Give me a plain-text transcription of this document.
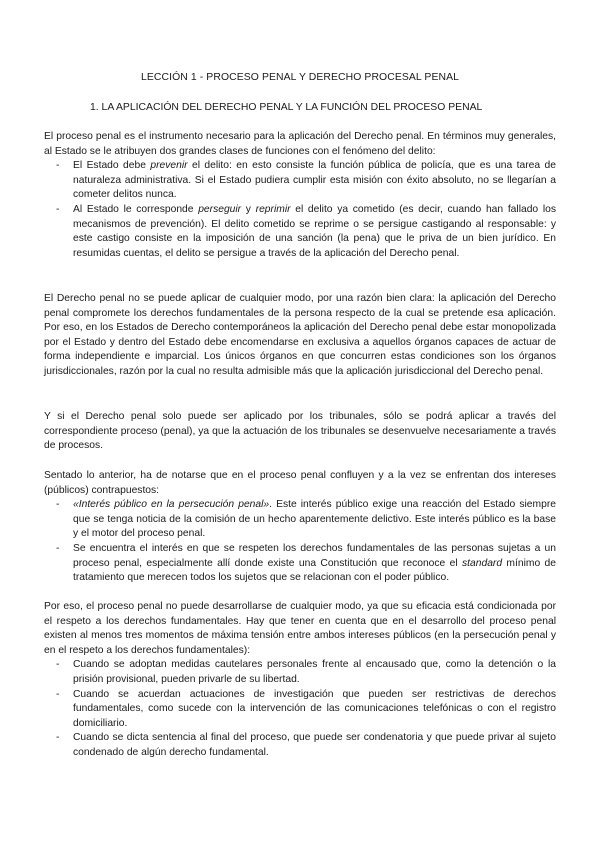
LECCIÓN 1 - PROCESO PENAL Y DERECHO PROCESAL PENAL
1. LA APLICACIÓN DEL DERECHO PENAL Y LA FUNCIÓN DEL PROCESO PENAL

El proceso penal es el instrumento necesario para la aplicación del Derecho penal. En términos muy generales, al Estado se le atribuyen dos grandes clases de funciones con el fenómeno del delito:

- El Estado debe prevenir el delito: en esto consiste la función pública de policía, que es una tarea de naturaleza administrativa. Si el Estado pudiera cumplir esta misión con éxito absoluto, no se llegarían a cometer delitos nunca.
- Al Estado le corresponde perseguir y reprimir el delito ya cometido (es decir, cuando han fallado los mecanismos de prevención). El delito cometido se reprime o se persigue castigando al responsable: y este castigo consiste en la imposición de una sanción (la pena) que le priva de un bien jurídico. En resumidas cuentas, el delito se persigue a través de la aplicación del Derecho penal.

El Derecho penal no se puede aplicar de cualquier modo, por una razón bien clara: la aplicación del Derecho penal compromete los derechos fundamentales de la persona respecto de la cual se pretende esa aplicación. Por eso, en los Estados de Derecho contemporáneos la aplicación del Derecho penal debe estar monopolizada por el Estado y dentro del Estado debe encomendarse en exclusiva a aquellos órganos capaces de actuar de forma independiente e imparcial. Los únicos órganos en que concurren estas condiciones son los órganos jurisdiccionales, razón por la cual no resulta admisible más que la aplicación jurisdiccional del Derecho penal.

Y si el Derecho penal solo puede ser aplicado por los tribunales, sólo se podrá aplicar a través del correspondiente proceso (penal), ya que la actuación de los tribunales se desenvuelve necesariamente a través de procesos.

Sentado lo anterior, ha de notarse que en el proceso penal confluyen y a la vez se enfrentan dos intereses (públicos) contrapuestos:

- «Interés público en la persecución penal». Este interés público exige una reacción del Estado siempre que se tenga noticia de la comisión de un hecho aparentemente delictivo. Este interés público es la base y el motor del proceso penal.
- Se encuentra el interés en que se respeten los derechos fundamentales de las personas sujetas a un proceso penal, especialmente allí donde existe una Constitución que reconoce el standard mínimo de tratamiento que merecen todos los sujetos que se relacionan con el poder público.

Por eso, el proceso penal no puede desarrollarse de cualquier modo, ya que su eficacia está condicionada por el respeto a los derechos fundamentales. Hay que tener en cuenta que en el desarrollo del proceso penal existen al menos tres momentos de máxima tensión entre ambos intereses públicos (en la persecución penal y en el respeto a los derechos fundamentales):

- Cuando se adoptan medidas cautelares personales frente al encausado que, como la detención o la prisión provisional, pueden privarle de su libertad.
- Cuando se acuerdan actuaciones de investigación que pueden ser restrictivas de derechos fundamentales, como sucede con la intervención de las comunicaciones telefónicas o con el registro domiciliario.
- Cuando se dicta sentencia al final del proceso, que puede ser condenatoria y que puede privar al sujeto condenado de algún derecho fundamental.
